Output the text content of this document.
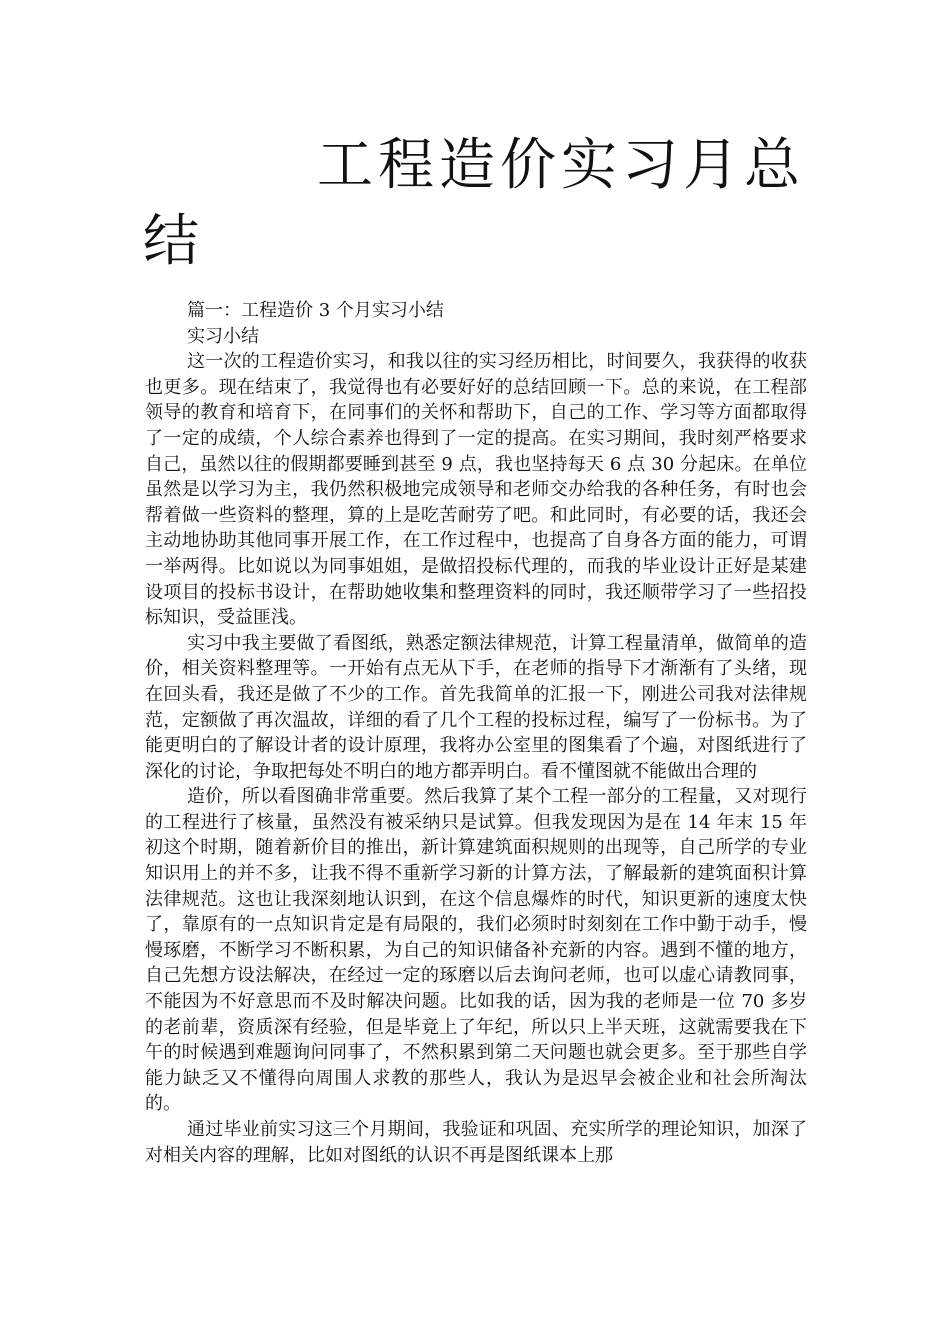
工程造价实习月总结

篇一：工程造价 3 个月实习小结

实习小结

这一次的工程造价实习，和我以往的实习经历相比，时间要久，我获得的收获也更多。现在结束了，我觉得也有必要好好的总结回顾一下。总的来说，在工程部领导的教育和培育下，在同事们的关怀和帮助下，自己的工作、学习等方面都取得了一定的成绩，个人综合素养也得到了一定的提高。在实习期间，我时刻严格要求自己，虽然以往的假期都要睡到甚至 9 点，我也坚持每天 6 点 30 分起床。在单位虽然是以学习为主，我仍然积极地完成领导和老师交办给我的各种任务，有时也会帮着做一些资料的整理，算的上是吃苦耐劳了吧。和此同时，有必要的话，我还会主动地协助其他同事开展工作，在工作过程中，也提高了自身各方面的能力，可谓一举两得。比如说以为同事姐姐，是做招投标代理的，而我的毕业设计正好是某建设项目的投标书设计，在帮助她收集和整理资料的同时，我还顺带学习了一些招投标知识，受益匪浅。

实习中我主要做了看图纸，熟悉定额法律规范，计算工程量清单，做简单的造价，相关资料整理等。一开始有点无从下手，在老师的指导下才渐渐有了头绪，现在回头看，我还是做了不少的工作。首先我简单的汇报一下，刚进公司我对法律规范，定额做了再次温故，详细的看了几个工程的投标过程，编写了一份标书。为了能更明白的了解设计者的设计原理，我将办公室里的图集看了个遍，对图纸进行了深化的讨论，争取把每处不明白的地方都弄明白。看不懂图就不能做出合理的

造价，所以看图确非常重要。然后我算了某个工程一部分的工程量，又对现行的工程进行了核量，虽然没有被采纳只是试算。但我发现因为是在 14 年末 15 年初这个时期，随着新价目的推出，新计算建筑面积规则的出现等，自己所学的专业知识用上的并不多，让我不得不重新学习新的计算方法，了解最新的建筑面积计算法律规范。这也让我深刻地认识到，在这个信息爆炸的时代，知识更新的速度太快了，靠原有的一点知识肯定是有局限的，我们必须时时刻刻在工作中勤于动手，慢慢琢磨，不断学习不断积累，为自己的知识储备补充新的内容。遇到不懂的地方，自己先想方设法解决，在经过一定的琢磨以后去询问老师，也可以虚心请教同事，不能因为不好意思而不及时解决问题。比如我的话，因为我的老师是一位 70 多岁的老前辈，资质深有经验，但是毕竟上了年纪，所以只上半天班，这就需要我在下午的时候遇到难题询问同事了，不然积累到第二天问题也就会更多。至于那些自学能力缺乏又不懂得向周围人求教的那些人，我认为是迟早会被企业和社会所淘汰的。

通过毕业前实习这三个月期间，我验证和巩固、充实所学的理论知识，加深了对相关内容的理解，比如对图纸的认识不再是图纸课本上那
